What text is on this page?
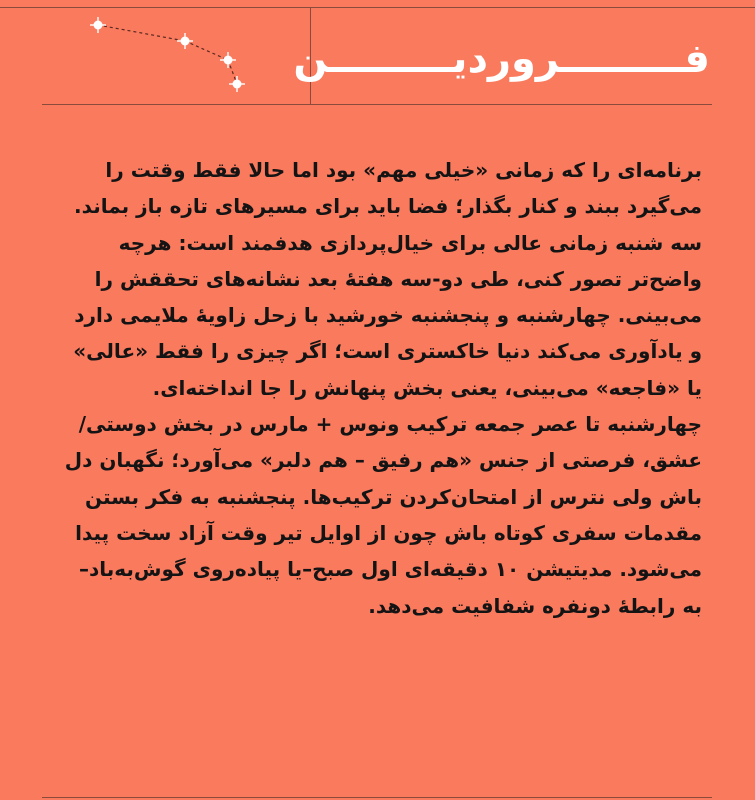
فـــــــــروردیـــــــــن

برنامه‌ای را که زمانی «خیلی مهم» بود اما حالا فقط وقتت را می‌گیرد ببند و کنار بگذار؛ فضا باید برای مسیرهای تازه باز بماند. سه شنبه زمانی عالی برای خیال‌پردازی هدفمند است: هرچه واضح‌تر تصور کنی، طی دو-سه هفتهٔ بعد نشانه‌های تحققش را می‌بینی. چهارشنبه و پنجشنبه خورشید با زحل زاویهٔ ملایمی دارد و یادآوری می‌کند دنیا خاکستری است؛ اگر چیزی را فقط «عالی» یا «فاجعه» می‌بینی، یعنی بخش پنهانش را جا انداخته‌ای. چهارشنبه تا عصر جمعه ترکیب ونوس + مارس در بخش دوستی/عشق، فرصتی از جنس «هم رفیق – هم دلبر» می‌آورد؛ نگهبان دل باش ولی نترس از امتحان‌کردن ترکیب‌ها. پنجشنبه به فکر بستن مقدمات سفری کوتاه باش چون از اوایل تیر وقت آزاد سخت پیدا می‌شود. مدیتیشن ۱۰ دقیقه‌ای اول صبح–یا پیاده‌روی گوش‌به‌باد–به رابطهٔ دونفره شفافیت می‌دهد.
